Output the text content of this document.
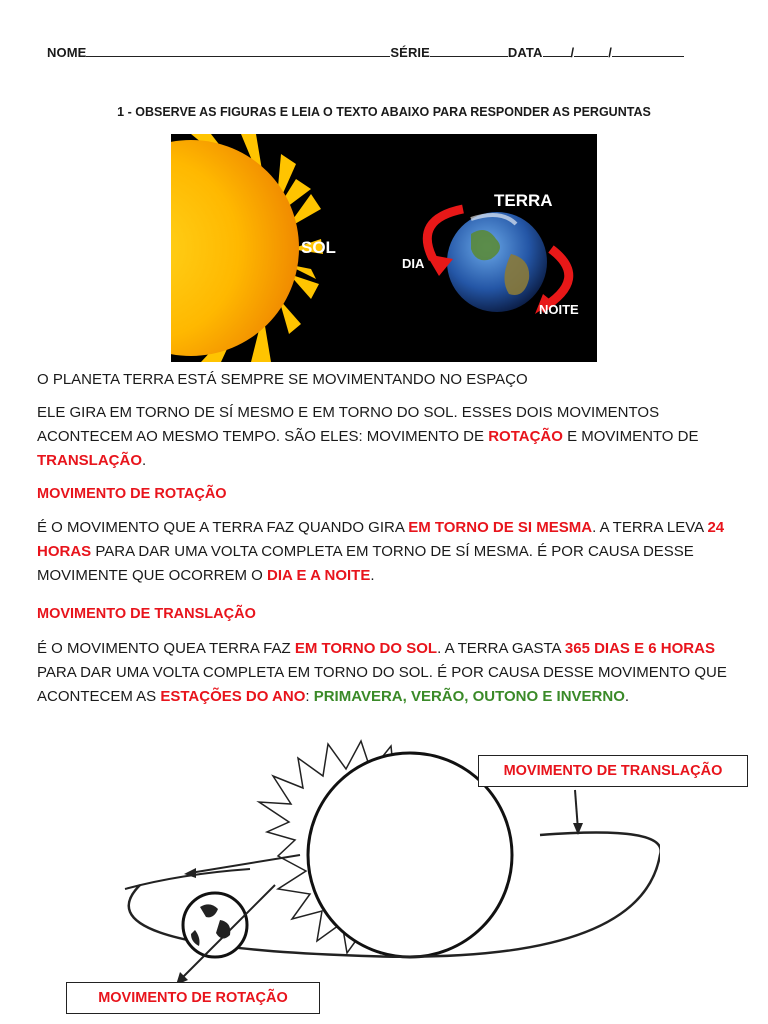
NOME	SÉRIE	DATA /	/
1 - OBSERVE AS FIGURAS E LEIA O TEXTO ABAIXO PARA RESPONDER AS PERGUNTAS
SOL
TERRA
DIA
NOITE
O PLANETA TERRA ESTÁ SEMPRE SE MOVIMENTANDO NO ESPAÇO
ELE GIRA EM TORNO DE SÍ MESMO E EM TORNO DO SOL. ESSES DOIS MOVIMENTOS ACONTECEM AO MESMO TEMPO. SÃO ELES: MOVIMENTO DE ROTAÇÃO E MOVIMENTO DE TRANSLAÇÃO.
MOVIMENTO DE ROTAÇÃO
É O MOVIMENTO QUE A TERRA FAZ QUANDO GIRA EM TORNO DE SI MESMA. A TERRA LEVA 24 HORAS PARA DAR UMA VOLTA COMPLETA EM TORNO DE SÍ MESMA. É POR CAUSA DESSE MOVIMENTE QUE OCORREM O DIA E A NOITE.
MOVIMENTO DE TRANSLAÇÃO
É O MOVIMENTO QUEA TERRA FAZ EM TORNO DO SOL. A TERRA GASTA 365 DIAS E 6 HORAS PARA DAR UMA VOLTA COMPLETA EM TORNO DO SOL. É POR CAUSA DESSE MOVIMENTO QUE ACONTECEM AS ESTAÇÕES DO ANO: PRIMAVERA, VERÃO, OUTONO E INVERNO.
MOVIMENTO DE TRANSLAÇÃO
MOVIMENTO DE ROTAÇÃO
